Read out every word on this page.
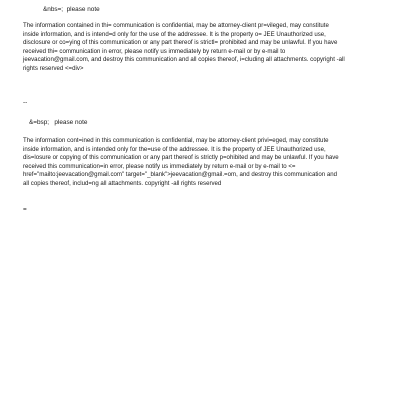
&nbs=;  please note
The information contained in thi= communication is confidential, may be attorney-client pr=vileged, may constitute
inside information, and is intend=d only for the use of the addressee. It is the property o= JEE Unauthorized use,
disclosure or co=ying of this communication or any part thereof is strictl= prohibited and may be unlawful. If you have
received thi= communication in error, please notify us immediately by return e-mail or by e-mail to
jeevacation@gmail.com, and destroy this communication and all copies thereof, i=cluding all attachments. copyright -all
rights reserved <=div>
--
&=bsp;   please note
The information cont=ined in this communication is confidential, may be attorney-client privi=eged, may constitute
inside information, and is intended only for the=use of the addressee. It is the property of JEE Unauthorized use,
dis=losure or copying of this communication or any part thereof is strictly p=ohibited and may be unlawful. If you have
received this communication=in error, please notify us immediately by return e-mail or by e-mail to <=
href="mailto:jeevacation@gmail.com" target="_blank">jeevacation@gmail.=om, and destroy this communication and
all copies thereof, includ=ng all attachments. copyright -all rights reserved
=
